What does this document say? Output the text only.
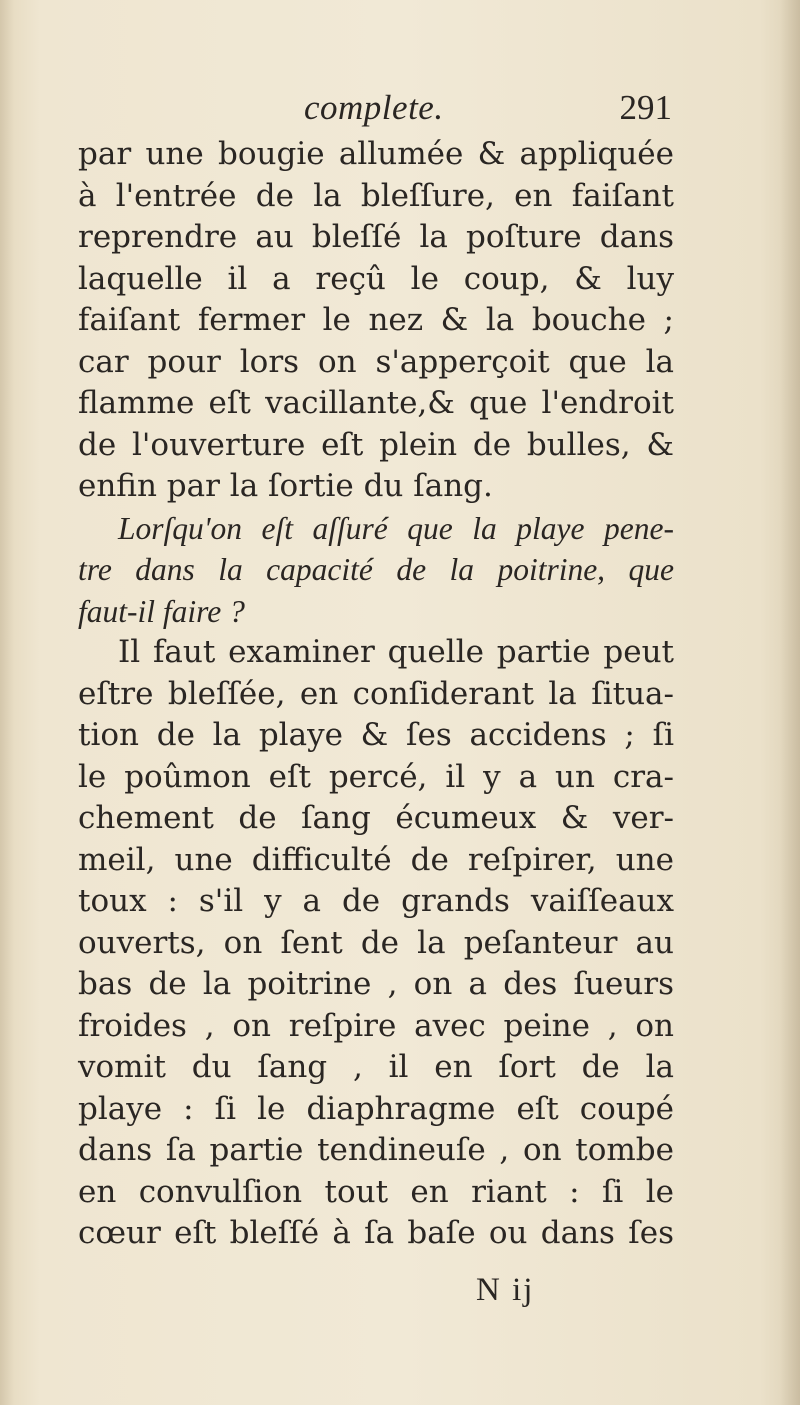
complete.	291
par une bougie allumée & appliquée
à l'entrée de la bleſſure, en faiſant
reprendre au bleſſé la poſture dans
laquelle il a reçû le coup, & luy
faiſant fermer le nez & la bouche ;
car pour lors on s'apperçoit que la
flamme eſt vacillante,& que l'endroit
de l'ouverture eſt plein de bulles, &
enfin par la ſortie du ſang.
Lorſqu'on eſt aſſuré que la playe pene-
tre dans la capacité de la poitrine, que
faut-il faire ?
Il faut examiner quelle partie peut
eſtre bleſſée, en conſiderant la ſitua-
tion de la playe & ſes accidens ; ſi
le poûmon eſt percé, il y a un cra-
chement de ſang écumeux & ver-
meil, une difficulté de reſpirer, une
toux : s'il y a de grands vaiſſeaux
ouverts, on ſent de la peſanteur au
bas de la poitrine , on a des ſueurs
froides , on reſpire avec peine , on
vomit du ſang , il en ſort de la
playe : ſi le diaphragme eſt coupé
dans ſa partie tendineuſe , on tombe
en convulſion tout en riant : ſi le
cœur eſt bleſſé à ſa baſe ou dans ſes
N ij
